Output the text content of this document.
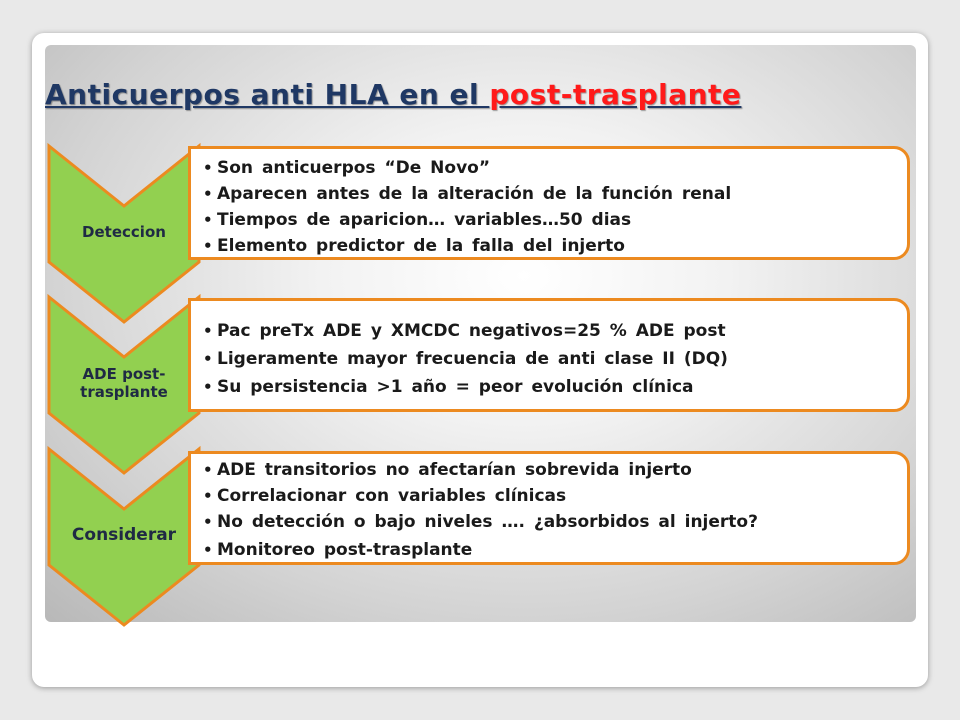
Anticuerpos anti HLA en el post-trasplante
Deteccion
• Son anticuerpos “De Novo”
• Aparecen antes de la alteración de la función renal
• Tiempos de aparicion… variables…50 dias
• Elemento predictor de la falla del injerto
ADE post-trasplante
• Pac preTx ADE y XMCDC negativos=25 % ADE post
• Ligeramente mayor frecuencia de anti clase II (DQ)
• Su persistencia >1 año = peor evolución clínica
Considerar
• ADE transitorios no afectarían sobrevida injerto
• Correlacionar con variables clínicas
• No detección o bajo niveles …. ¿absorbidos al injerto?
• Monitoreo post-trasplante
